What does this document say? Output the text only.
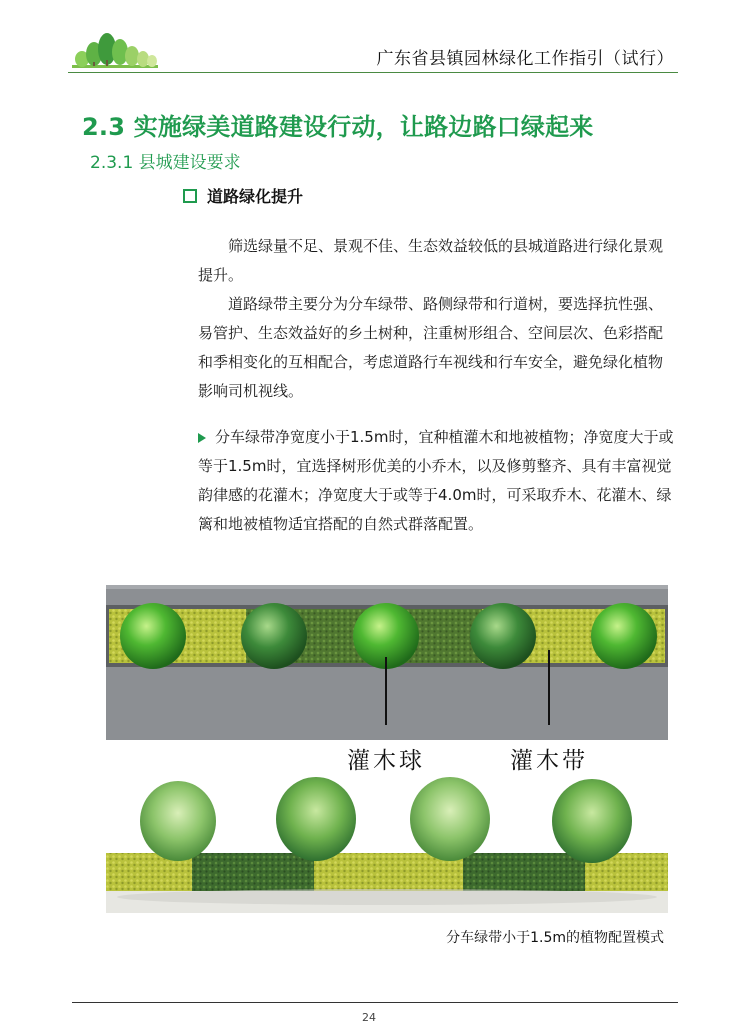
广东省县镇园林绿化工作指引（试行）
2.3 实施绿美道路建设行动，让路边路口绿起来
2.3.1 县城建设要求
道路绿化提升
筛选绿量不足、景观不佳、生态效益较低的县城道路进行绿化景观提升。
道路绿带主要分为分车绿带、路侧绿带和行道树，要选择抗性强、易管护、生态效益好的乡土树种，注重树形组合、空间层次、色彩搭配和季相变化的互相配合，考虑道路行车视线和行车安全，避免绿化植物影响司机视线。
分车绿带净宽度小于1.5m时，宜种植灌木和地被植物；净宽度大于或等于1.5m时，宜选择树形优美的小乔木，以及修剪整齐、具有丰富视觉韵律感的花灌木；净宽度大于或等于4.0m时，可采取乔木、花灌木、绿篱和地被植物适宜搭配的自然式群落配置。
灌木球	灌木带
分车绿带小于1.5m的植物配置模式
24
